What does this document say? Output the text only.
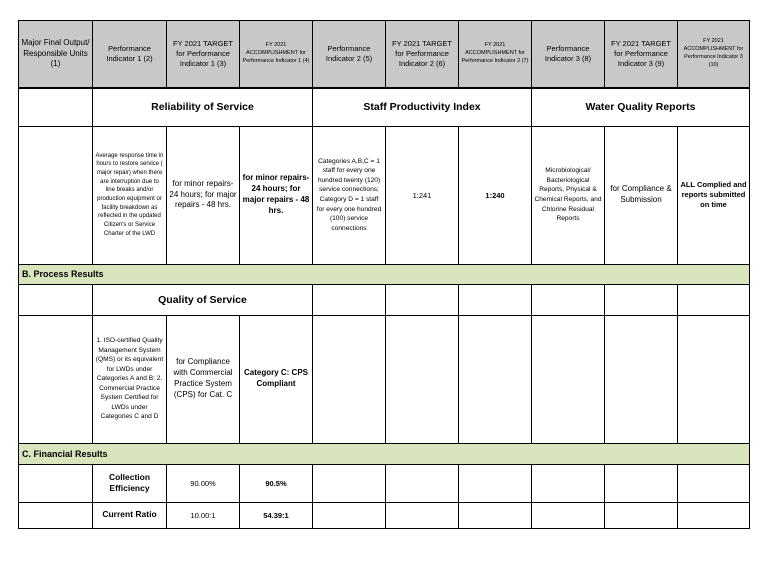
Major Final Output/ Responsible Units (1)	Performance Indicator 1 (2)	FY 2021 TARGET for Performance Indicator 1 (3)	FY 2021 ACCOMPLISHMENT for Performance Indicator 1 (4)	Performance Indicator 2 (5)	FY 2021 TARGET for Performance Indicator 2 (6)	FY 2021 ACCOMPLISHMENT for Performance Indicator 2 (7)	Performance Indicator 3 (8)	FY 2021 TARGET for Performance Indicator 3 (9)	FY 2021 ACCOMPLISHMENT for Performance Indicator 3 (10)
	Reliability of Service			Staff Productivity Index			Water Quality Reports		
	Average response time in hours to restore service ( major repair) when there are interruption due to line breaks and/or production equipment or facility breakdown as reflected in the updated Citizen's or Service Charter of the LWD	for minor repairs- 24 hours; for major repairs - 48 hrs.	for minor repairs- 24 hours; for major repairs - 48 hrs.	Categories A,B,C = 1 staff for every one hundred twenty (120) service connections; Category D = 1 staff for every one hundred (100) service connections	1:241	1:240	Microbiological/ Bacteriological Reports, Physical & Chemical Reports, and Chlorine Residual Reports	for Compliance & Submission	ALL Complied and reports submitted on time
B. Process Results									
	Quality of Service								
	1. ISO-certified Quality Management System (QMS) or its equivalent for LWDs under Categories A and B; 2. Commercial Practice System Certified for LWDs under Categories C and D	for Compliance with Commercial Practice System (CPS) for Cat. C	Category C: CPS Compliant						
C. Financial Results									
	Collection Efficiency	90.00%	90.5%						
	Current Ratio	10.00:1	54.39:1						
